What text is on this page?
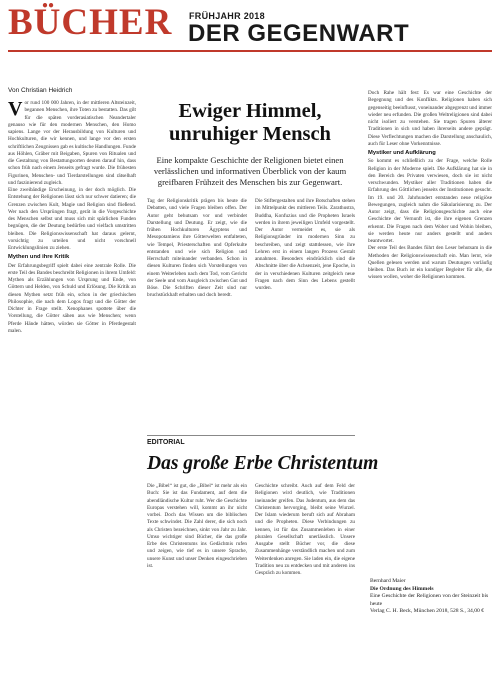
BÜCHER FRÜHJAHR 2018
DER GEGENWART
Von Christian Heidrich

Vor rund 100 000 Jahren, in der mittleren Altsteinzeit, begannen Menschen, ihre Toten zu bestatten. Das gilt für die späten vorderasiatischen Neandertaler genauso wie für den modernen Menschen, den Homo sapiens. Lange vor der Herausbildung von Kulturen und Hochkulturen, die wir kennen, und lange vor den ersten schriftlichen Zeugnissen gab es kultische Handlungen. Funde aus Höhlen, Gräber mit Beigaben, Spuren von Ritualen und die Gestaltung von Bestattungsorten deuten darauf hin, dass schon früh nach einem Jenseits gefragt wurde. Die frühesten Figurinen, Menschen- und Tierdarstellungen sind rätselhaft und faszinierend zugleich.

Eine zweibändige Erscheinung, in der doch möglich. Die Entstehung der Religionen lässt sich nur schwer datieren; die Grenzen zwischen Kult, Magie und Religion sind fließend. Wer nach den Ursprüngen fragt, gerät in die Vorgeschichte des Menschen selbst und muss sich mit spärlichen Funden begnügen, die der Deutung bedürfen und vielfach umstritten bleiben. Die Religionswissenschaft hat daraus gelernt, vorsichtig zu urteilen und nicht vorschnell Entwicklungslinien zu ziehen.

Mythen und ihre Kritik

Der Erfahrungsbegriff spielt dabei eine zentrale Rolle. Die erste Teil des Bandes beschreibt Religionen in ihrem Umfeld: Mythen als Erzählungen von Ursprung und Ende, von Göttern und Helden, von Schuld und Erlösung. Die Kritik an diesen Mythen setzt früh ein, schon in der griechischen Philosophie, die nach dem Logos fragt und die Götter der Dichter in Frage stellt. Xenophanes spottete über die Vorstellung, die Götter sähen aus wie Menschen; wenn Pferde Hände hätten, würden sie Götter in Pferdegestalt malen.

Ewiger Himmel, unruhiger Mensch
Eine kompakte Geschichte der Religionen bietet einen verlässlichen und informativen Überblick von der kaum greifbaren Frühzeit des Menschen bis zur Gegenwart.
Tag der Religionskritik prägen bis heute die Debatten, und viele Fragen bleiben offen. Der Autor geht behutsam vor und verbindet Darstellung und Deutung. Er zeigt, wie die frühen Hochkulturen Ägyptens und Mesopotamiens ihre Götterwelten entfalteten, wie Tempel, Priesterschaften und Opferkulte entstanden und wie sich Religion und Herrschaft miteinander verbanden. Schon in diesen Kulturen finden sich Vorstellungen von einem Weiterleben nach dem Tod, vom Gericht der Seele und vom Ausgleich zwischen Gut und Böse. Die Schriften dieser Zeit sind nur bruchstückhaft erhalten und doch beredt.
Die Stiftergestalten und ihre Botschaften stehen im Mittelpunkt des mittleren Teils. Zarathustra, Buddha, Konfuzius und die Propheten Israels werden in ihrem jeweiligen Umfeld vorgestellt. Der Autor vermeidet es, sie als Religionsgründer im modernen Sinn zu beschreiben, und zeigt stattdessen, wie ihre Lehren erst in einem langen Prozess Gestalt annahmen. Besonders eindrücklich sind die Abschnitte über die Achsenzeit, jene Epoche, in der in verschiedenen Kulturen zeitgleich neue Fragen nach dem Sinn des Lebens gestellt wurden.

Doch Rahe hält fest: Es war eine Geschichte der Begegnung und des Konflikts. Religionen haben sich gegenseitig beeinflusst, voneinander abgegrenzt und immer wieder neu erfunden. Die großen Weltreligionen sind dabei nicht isoliert zu verstehen. Sie tragen Spuren älterer Traditionen in sich und haben ihrerseits andere geprägt. Diese Verflechtungen machen die Darstellung anschaulich, auch für Leser ohne Vorkenntnisse.

Mystiker und Aufklärung

So kommt es schließlich zu der Frage, welche Rolle Religion in der Moderne spielt. Die Aufklärung hat sie in den Bereich des Privaten verwiesen, doch sie ist nicht verschwunden. Mystiker aller Traditionen haben die Erfahrung des Göttlichen jenseits der Institutionen gesucht. Im 19. und 20. Jahrhundert entstanden neue religiöse Bewegungen, zugleich nahm die Säkularisierung zu. Der Autor zeigt, dass die Religionsgeschichte auch eine Geschichte der Vernunft ist, die ihre eigenen Grenzen erkennt. Die Fragen nach dem Woher und Wohin bleiben, sie werden heute nur anders gestellt und anders beantwortet.

Der erste Teil des Bandes führt den Leser behutsam in die Methoden der Religionswissenschaft ein. Man lernt, wie Quellen gelesen werden und warum Deutungen vorläufig bleiben. Das Buch ist ein kundiger Begleiter für alle, die wissen wollen, woher die Religionen kommen.

EDITORIAL
Das große Erbe Christentum
Die „Bibel“ ist gut, die „Bibel“ ist mehr als ein Buch: Sie ist das Fundament, auf dem die abendländische Kultur ruht. Wer die Geschichte Europas verstehen will, kommt an ihr nicht vorbei. Doch das Wissen um die biblischen Texte schwindet. Die Zahl derer, die sich noch als Christen bezeichnen, sinkt von Jahr zu Jahr. Umso wichtiger sind Bücher, die das große Erbe des Christentums ins Gedächtnis rufen und zeigen, wie tief es in unsere Sprache, unsere Kunst und unser Denken eingeschrieben ist.
Geschichte schreibt. Auch auf dem Feld der Religionen wird deutlich, wie Traditionen ineinander greifen. Das Judentum, aus dem das Christentum hervorging, bleibt seine Wurzel. Der Islam wiederum beruft sich auf Abraham und die Propheten. Diese Verbindungen zu kennen, ist für das Zusammenleben in einer pluralen Gesellschaft unerlässlich. Unsere Ausgabe stellt Bücher vor, die diese Zusammenhänge verständlich machen und zum Weiterdenken anregen. Sie laden ein, die eigene Tradition neu zu entdecken und mit anderen ins Gespräch zu kommen.
Bernhard Maier
Die Ordnung des Himmels
Eine Geschichte der Religionen von der Steinzeit bis heute
Verlag C. H. Beck, München 2018, 528 S., 34,00 €
